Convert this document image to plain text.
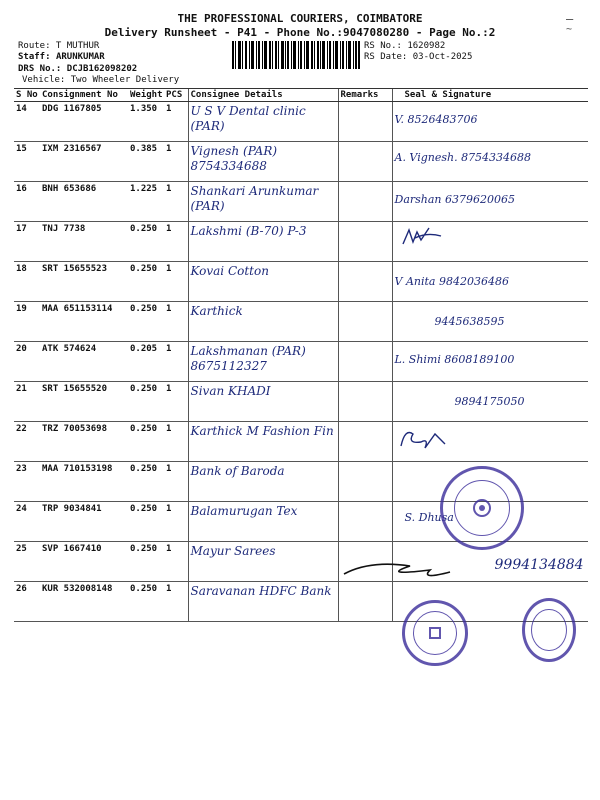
THE PROFESSIONAL COURIERS, COIMBATORE
Delivery Runsheet - P41 - Phone No.:9047080280 - Page No.:2
–
~
Route: T MUTHUR
Staff: ARUNKUMAR
DRS No.: DCJB162098202
Vehicle: Two Wheeler Delivery
RS No.: 1620982
RS Date: 03-Oct-2025
S No	Consignment No	Weight	PCS	Consignee Details	Remarks	Seal & Signature
14	DDG 1167805	1.350	1	U S V Dental clinic (PAR)		V. 8526483706

15	IXM 2316567	0.385	1	Vignesh (PAR) 8754334688		A. Vignesh. 8754334688

16	BNH 653686	1.225	1	Shankari Arunkumar (PAR)		Darshan 6379620065

17	TNJ 7738	0.250	1	Lakshmi (B-70) P-3

18	SRT 15655523	0.250	1	Kovai Cotton		V Anita 9842036486

19	MAA 651153114	0.250	1	Karthick		9445638595

20	ATK 574624	0.205	1	Lakshmanan (PAR) 8675112327		L. Shimi 8608189100

21	SRT 15655520	0.250	1	Sivan KHADI		9894175050

22	TRZ 70053698	0.250	1	Karthick M Fashion Fin

23	MAA 710153198	0.250	1	Bank of Baroda		

24	TRP 9034841	0.250	1	Balamurugan Tex		S. Dhusa

25	SVP 1667410	0.250	1	Mayur Sarees		9994134884

26	KUR 532008148	0.250	1	Saravanan HDFC Bank		
